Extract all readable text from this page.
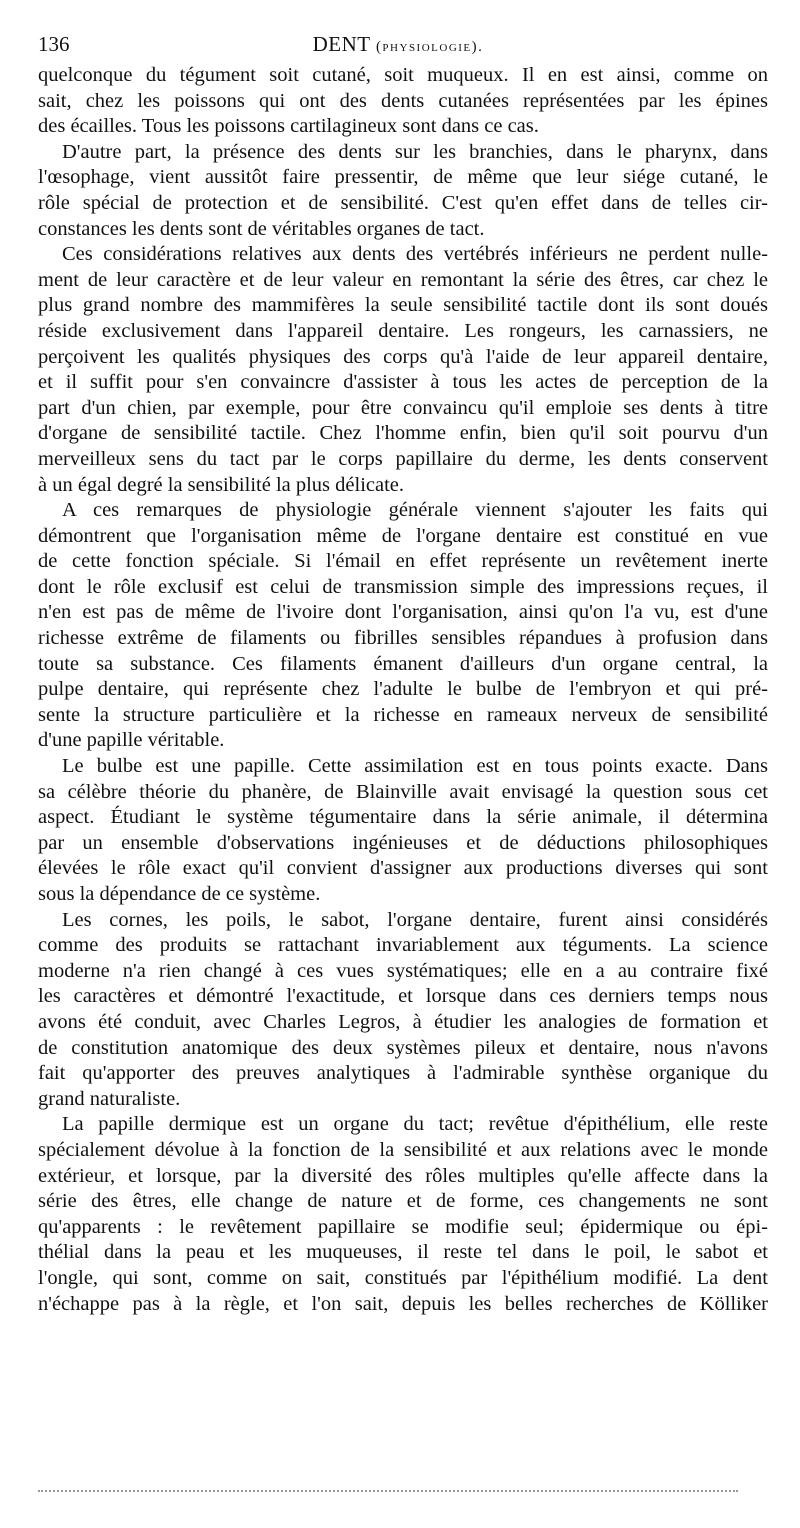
136	DENT (physiologie).
quelconque du tégument soit cutané, soit muqueux. Il en est ainsi, comme on
sait, chez les poissons qui ont des dents cutanées représentées par les épines
des écailles. Tous les poissons cartilagineux sont dans ce cas.
D'autre part, la présence des dents sur les branchies, dans le pharynx, dans
l'œsophage, vient aussitôt faire pressentir, de même que leur siége cutané, le
rôle spécial de protection et de sensibilité. C'est qu'en effet dans de telles cir-
constances les dents sont de véritables organes de tact.
Ces considérations relatives aux dents des vertébrés inférieurs ne perdent nulle-
ment de leur caractère et de leur valeur en remontant la série des êtres, car chez le
plus grand nombre des mammifères la seule sensibilité tactile dont ils sont doués
réside exclusivement dans l'appareil dentaire. Les rongeurs, les carnassiers, ne
perçoivent les qualités physiques des corps qu'à l'aide de leur appareil dentaire,
et il suffit pour s'en convaincre d'assister à tous les actes de perception de la
part d'un chien, par exemple, pour être convaincu qu'il emploie ses dents à titre
d'organe de sensibilité tactile. Chez l'homme enfin, bien qu'il soit pourvu d'un
merveilleux sens du tact par le corps papillaire du derme, les dents conservent
à un égal degré la sensibilité la plus délicate.
A ces remarques de physiologie générale viennent s'ajouter les faits qui
démontrent que l'organisation même de l'organe dentaire est constitué en vue
de cette fonction spéciale. Si l'émail en effet représente un revêtement inerte
dont le rôle exclusif est celui de transmission simple des impressions reçues, il
n'en est pas de même de l'ivoire dont l'organisation, ainsi qu'on l'a vu, est d'une
richesse extrême de filaments ou fibrilles sensibles répandues à profusion dans
toute sa substance. Ces filaments émanent d'ailleurs d'un organe central, la
pulpe dentaire, qui représente chez l'adulte le bulbe de l'embryon et qui pré-
sente la structure particulière et la richesse en rameaux nerveux de sensibilité
d'une papille véritable.
Le bulbe est une papille. Cette assimilation est en tous points exacte. Dans
sa célèbre théorie du phanère, de Blainville avait envisagé la question sous cet
aspect. Étudiant le système tégumentaire dans la série animale, il détermina
par un ensemble d'observations ingénieuses et de déductions philosophiques
élevées le rôle exact qu'il convient d'assigner aux productions diverses qui sont
sous la dépendance de ce système.
Les cornes, les poils, le sabot, l'organe dentaire, furent ainsi considérés
comme des produits se rattachant invariablement aux téguments. La science
moderne n'a rien changé à ces vues systématiques; elle en a au contraire fixé
les caractères et démontré l'exactitude, et lorsque dans ces derniers temps nous
avons été conduit, avec Charles Legros, à étudier les analogies de formation et
de constitution anatomique des deux systèmes pileux et dentaire, nous n'avons
fait qu'apporter des preuves analytiques à l'admirable synthèse organique du
grand naturaliste.
La papille dermique est un organe du tact; revêtue d'épithélium, elle reste
spécialement dévolue à la fonction de la sensibilité et aux relations avec le monde
extérieur, et lorsque, par la diversité des rôles multiples qu'elle affecte dans la
série des êtres, elle change de nature et de forme, ces changements ne sont
qu'apparents : le revêtement papillaire se modifie seul; épidermique ou épi-
thélial dans la peau et les muqueuses, il reste tel dans le poil, le sabot et
l'ongle, qui sont, comme on sait, constitués par l'épithélium modifié. La dent
n'échappe pas à la règle, et l'on sait, depuis les belles recherches de Kölliker
